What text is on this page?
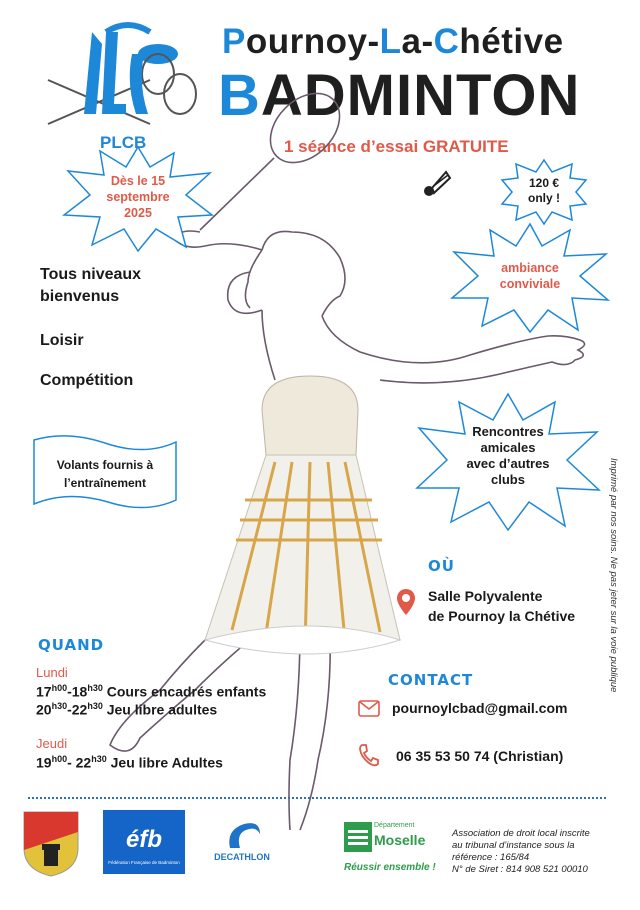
Pournoy-La-Chétive
BADMINTON
PLCB	1 séance d’essai GRATUITE
Dès le 15
septembre
2025
120 €
only !
ambiance
conviviale
Rencontres
amicales
avec d’autres
clubs
Tous niveaux
bienvenus
Loisir
Compétition
Volants fournis à
l’entraînement
OÙ
Salle Polyvalente
de Pournoy la Chétive
QUAND
Lundi
$17^{h00}-18^{h30}$ Cours encadrés enfants
$20^{h30}-22^{h30}$ Jeu libre adultes
Jeudi
$19^{h00}-$ $22^{h30}$ Jeu libre Adultes
CONTACT
pournoylcbad@gmail.com
06 35 53 50 74 (Christian)
Imprimé par nos soins. Ne pas jeter sur la voie publique
éfb
Fédération Française de Badminton
DECATHLON
Département
Moselle
Réussir ensemble !
Association de droit local inscrite
au tribunal d’instance sous la
référence : 165/84
N° de Siret : 814 908 521 00010
